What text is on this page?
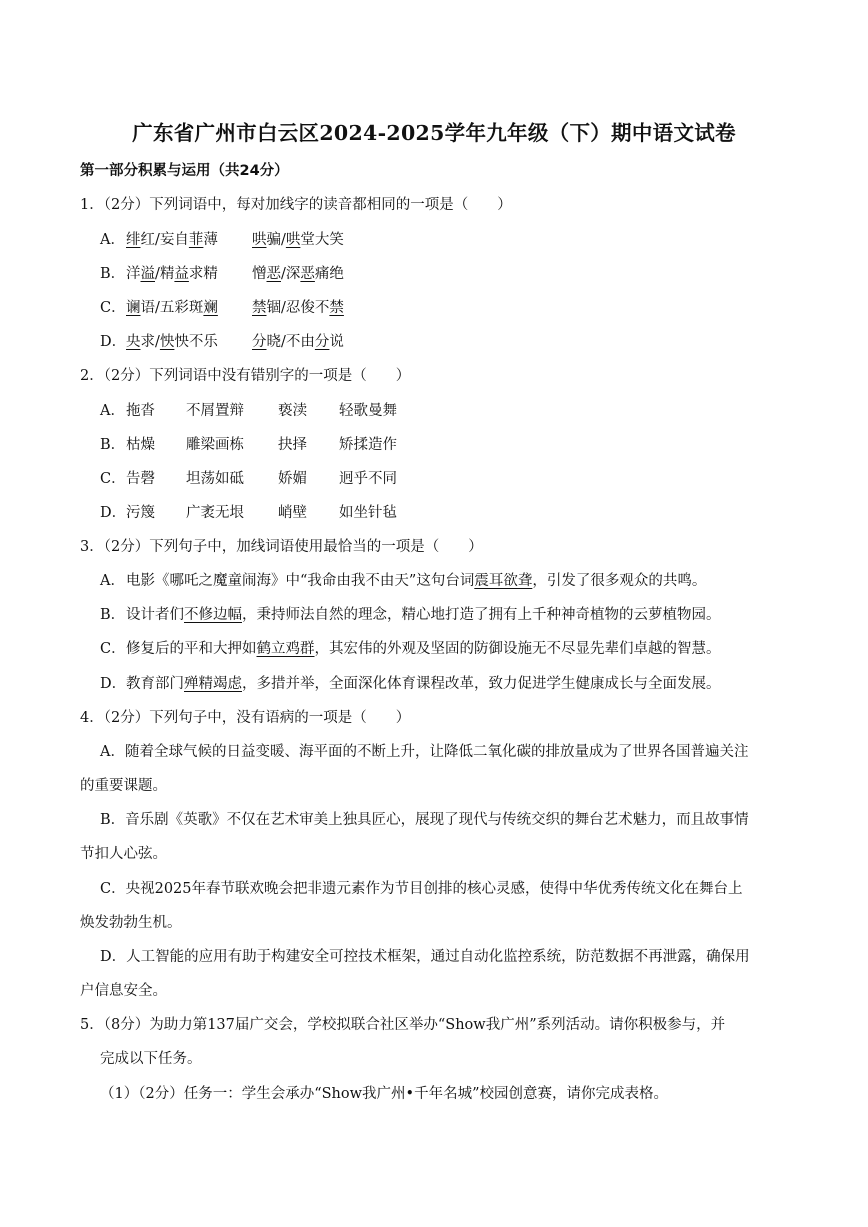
广东省广州市白云区2024-2025学年九年级（下）期中语文试卷
第一部分积累与运用（共24分）
1．（2分）下列词语中，每对加线字的读音都相同的一项是（　　）
A．绯红/妄自菲薄 哄骗/哄堂大笑
B．洋溢/精益求精 憎恶/深恶痛绝
C．谰语/五彩斑斓 禁锢/忍俊不禁
D．央求/怏怏不乐 分晓/不由分说
2．（2分）下列词语中没有错别字的一项是（　　）
A．拖沓 不屑置辩 亵渎 轻歌曼舞
B．枯燥 雕梁画栋 抉择 矫揉造作
C．告磬 坦荡如砥 娇媚 迥乎不同
D．污篾 广袤无垠 峭壁 如坐针毡
3．（2分）下列句子中，加线词语使用最恰当的一项是（　　）
A．电影《哪吒之魔童闹海》中“我命由我不由天”这句台词震耳欲聋，引发了很多观众的共鸣。
B．设计者们不修边幅，秉持师法自然的理念，精心地打造了拥有上千种神奇植物的云萝植物园。
C．修复后的平和大押如鹤立鸡群，其宏伟的外观及坚固的防御设施无不尽显先辈们卓越的智慧。
D．教育部门殚精竭虑，多措并举，全面深化体育课程改革，致力促进学生健康成长与全面发展。
4．（2分）下列句子中，没有语病的一项是（　　）
A．随着全球气候的日益变暖、海平面的不断上升，让降低二氧化碳的排放量成为了世界各国普遍关注
的重要课题。
B．音乐剧《英歌》不仅在艺术审美上独具匠心，展现了现代与传统交织的舞台艺术魅力，而且故事情
节扣人心弦。
C．央视2025年春节联欢晚会把非遗元素作为节目创排的核心灵感，使得中华优秀传统文化在舞台上
焕发勃勃生机。
D．人工智能的应用有助于构建安全可控技术框架，通过自动化监控系统，防范数据不再泄露，确保用
户信息安全。
5．（8分）为助力第137届广交会，学校拟联合社区举办“Show我广州”系列活动。请你积极参与，并
完成以下任务。
（1）（2分）任务一：学生会承办“Show我广州•千年名城”校园创意赛，请你完成表格。
